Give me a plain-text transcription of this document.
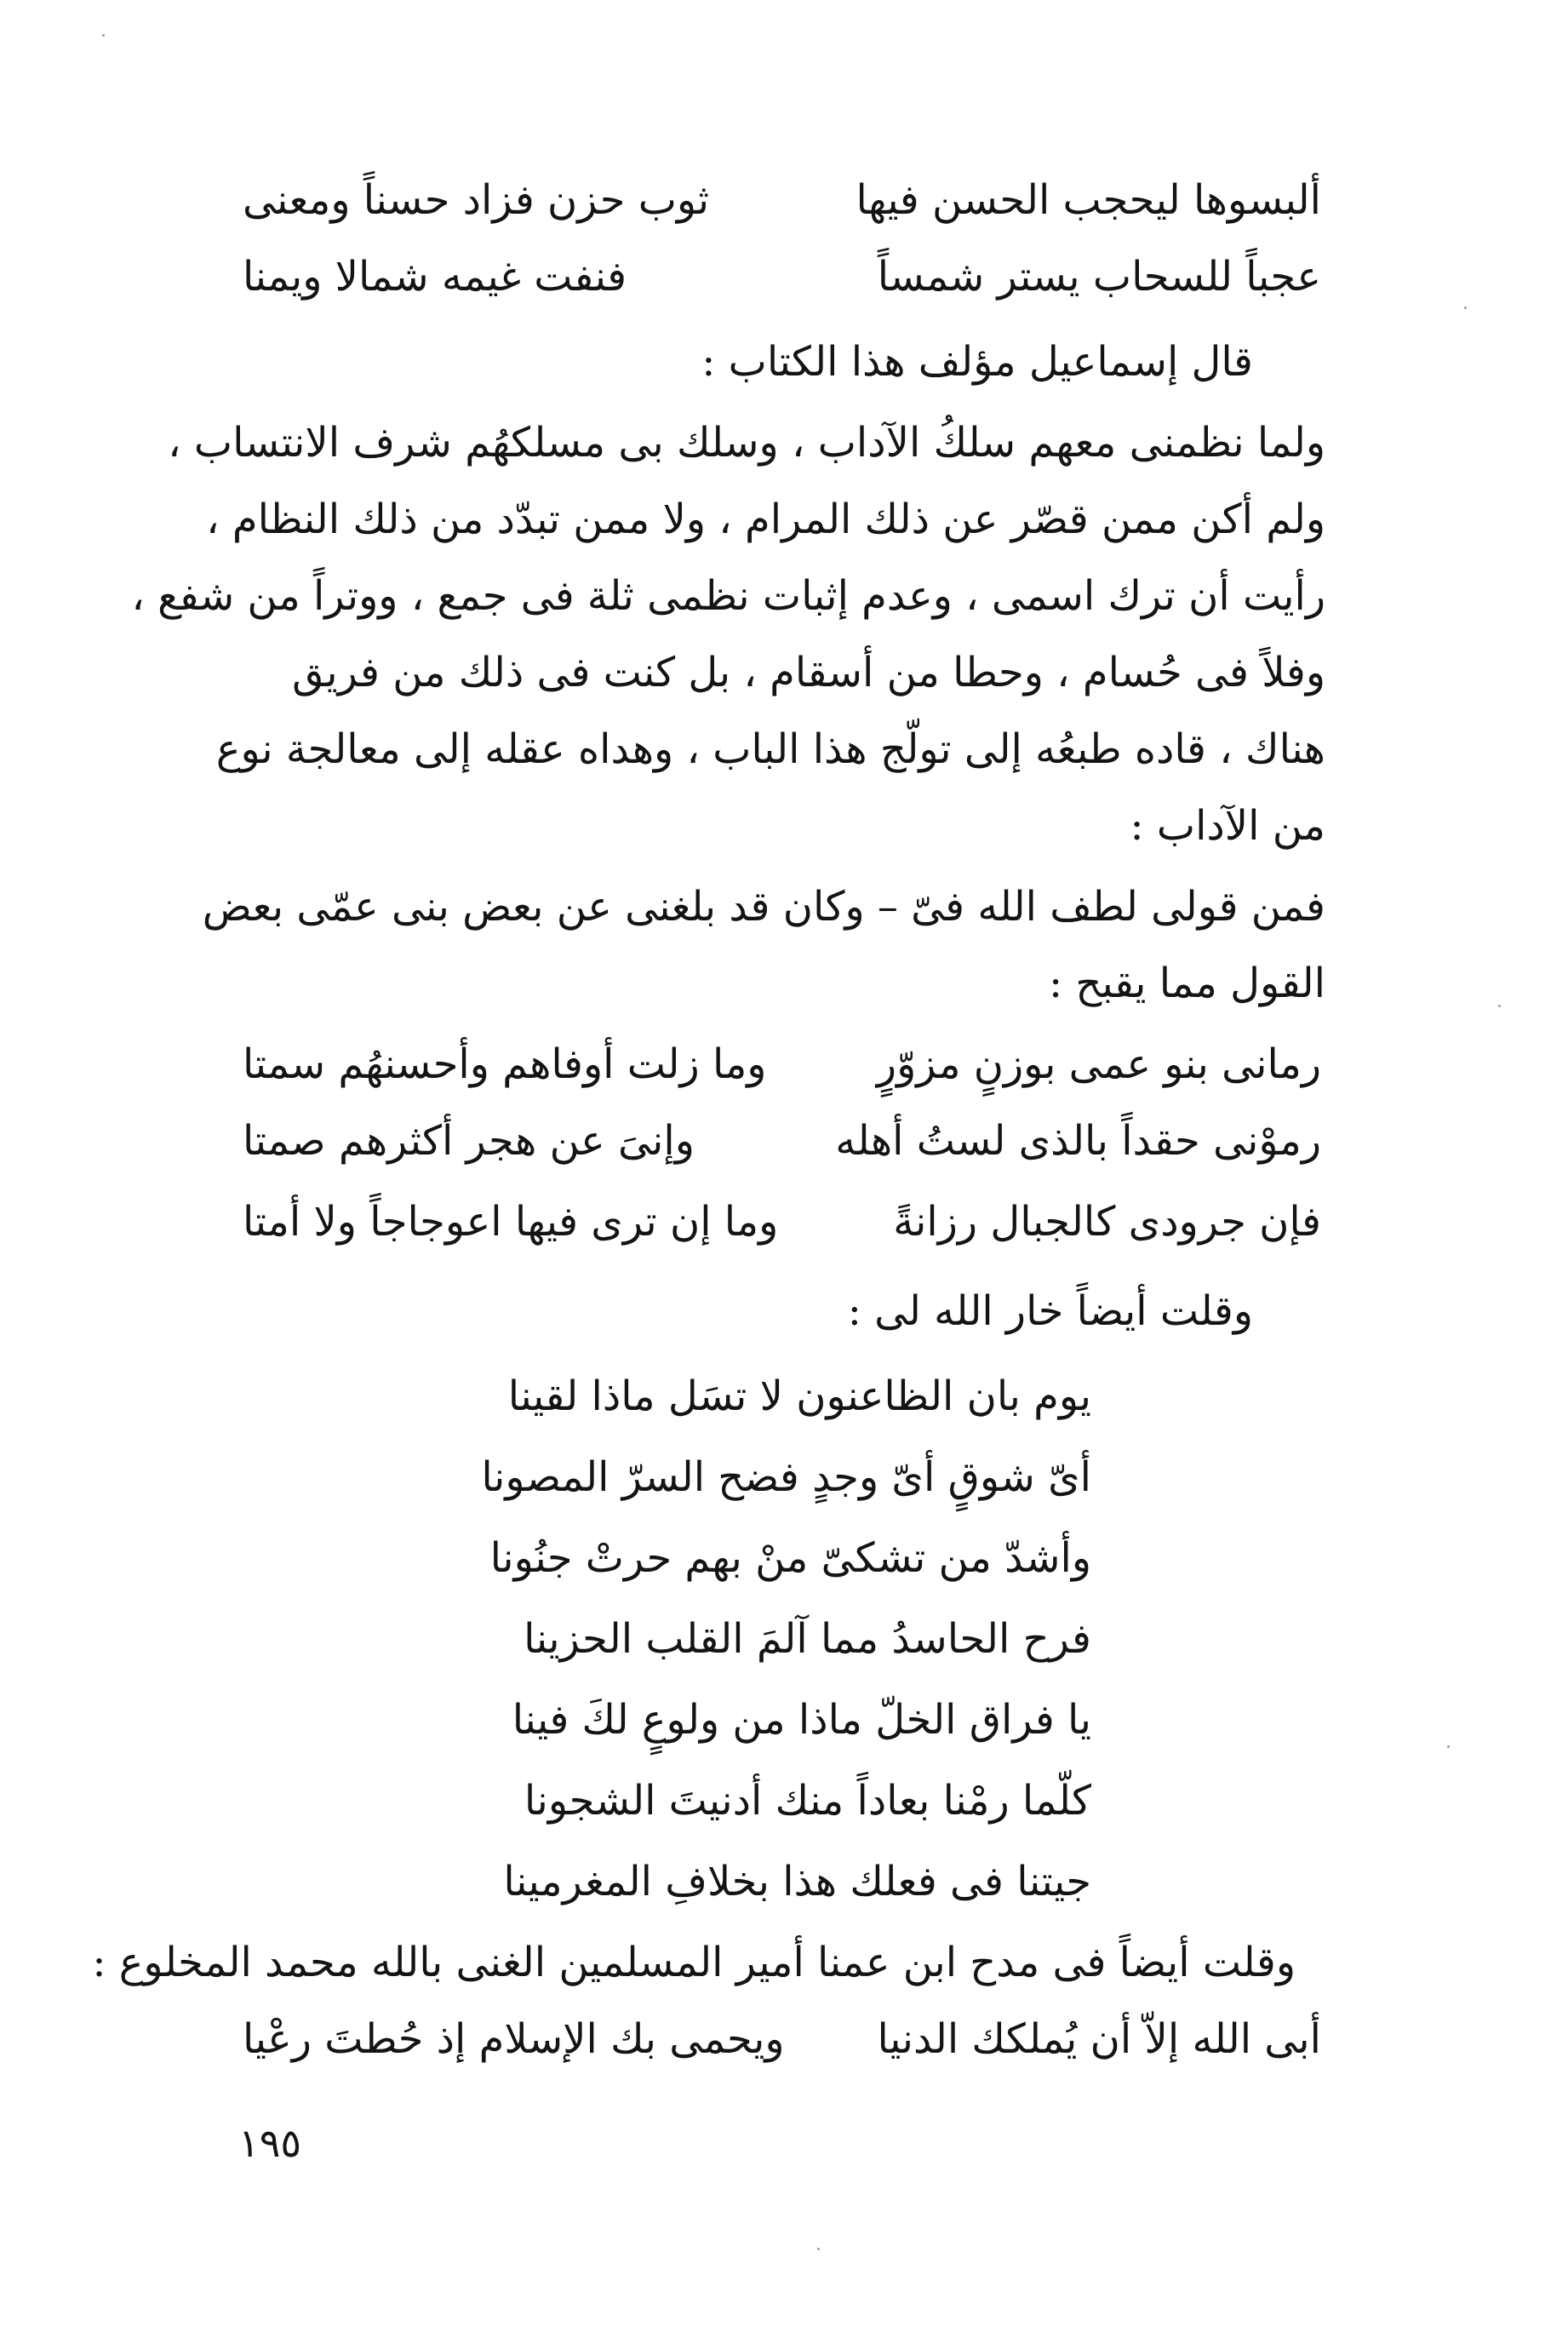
ألبسوها ليحجب الحسن فيها
ثوب حزن فزاد حسناً ومعنى
عجباً للسحاب يستر شمساً
فنفت غيمه شمالا ويمنا
قال إسماعيل مؤلف هذا الكتاب :
ولما نظمنى معهم سلكُ الآداب ، وسلك بى مسلكهُم شرف الانتساب ،
ولم أكن ممن قصّر عن ذلك المرام ، ولا ممن تبدّد من ذلك النظام ،
رأيت أن ترك اسمى ، وعدم إثبات نظمى ثلة فى جمع ، ووتراً من شفع ،
وفلاً فى حُسام ، وحطا من أسقام ، بل كنت فى ذلك من فريق
هناك ، قاده طبعُه إلى تولّج هذا الباب ، وهداه عقله إلى معالجة نوع
من الآداب :
فمن قولى لطف الله فىّ – وكان قد بلغنى عن بعض بنى عمّى بعض
القول مما يقبح :
رمانى بنو عمى بوزنٍ مزوّرٍ
وما زلت أوفاهم وأحسنهُم سمتا
رموْنى حقداً بالذى لستُ أهله
وإنىَ عن هجر أكثرهم صمتا
فإن جرودى كالجبال رزانةً
وما إن ترى فيها اعوجاجاً ولا أمتا
وقلت أيضاً خار الله لى :
يوم بان الظاعنون لا تسَل ماذا لقينا
أىّ شوقٍ أىّ وجدٍ فضح السرّ المصونا
وأشدّ من تشكىّ منْ بهم حرتْ جنُونا
فرح الحاسدُ مما آلمَ القلب الحزينا
يا فراق الخلّ ماذا من ولوعٍ لكَ فينا
كلّما رمْنا بعاداً منك أدنيتَ الشجونا
جيتنا فى فعلك هذا بخلافِ المغرمينا
وقلت أيضاً فى مدح ابن عمنا أمير المسلمين الغنى بالله محمد المخلوع :
أبى الله إلاّ أن يُملكك الدنيا
ويحمى بك الإسلام إذ حُطتَ رعْيا
١٩٥
